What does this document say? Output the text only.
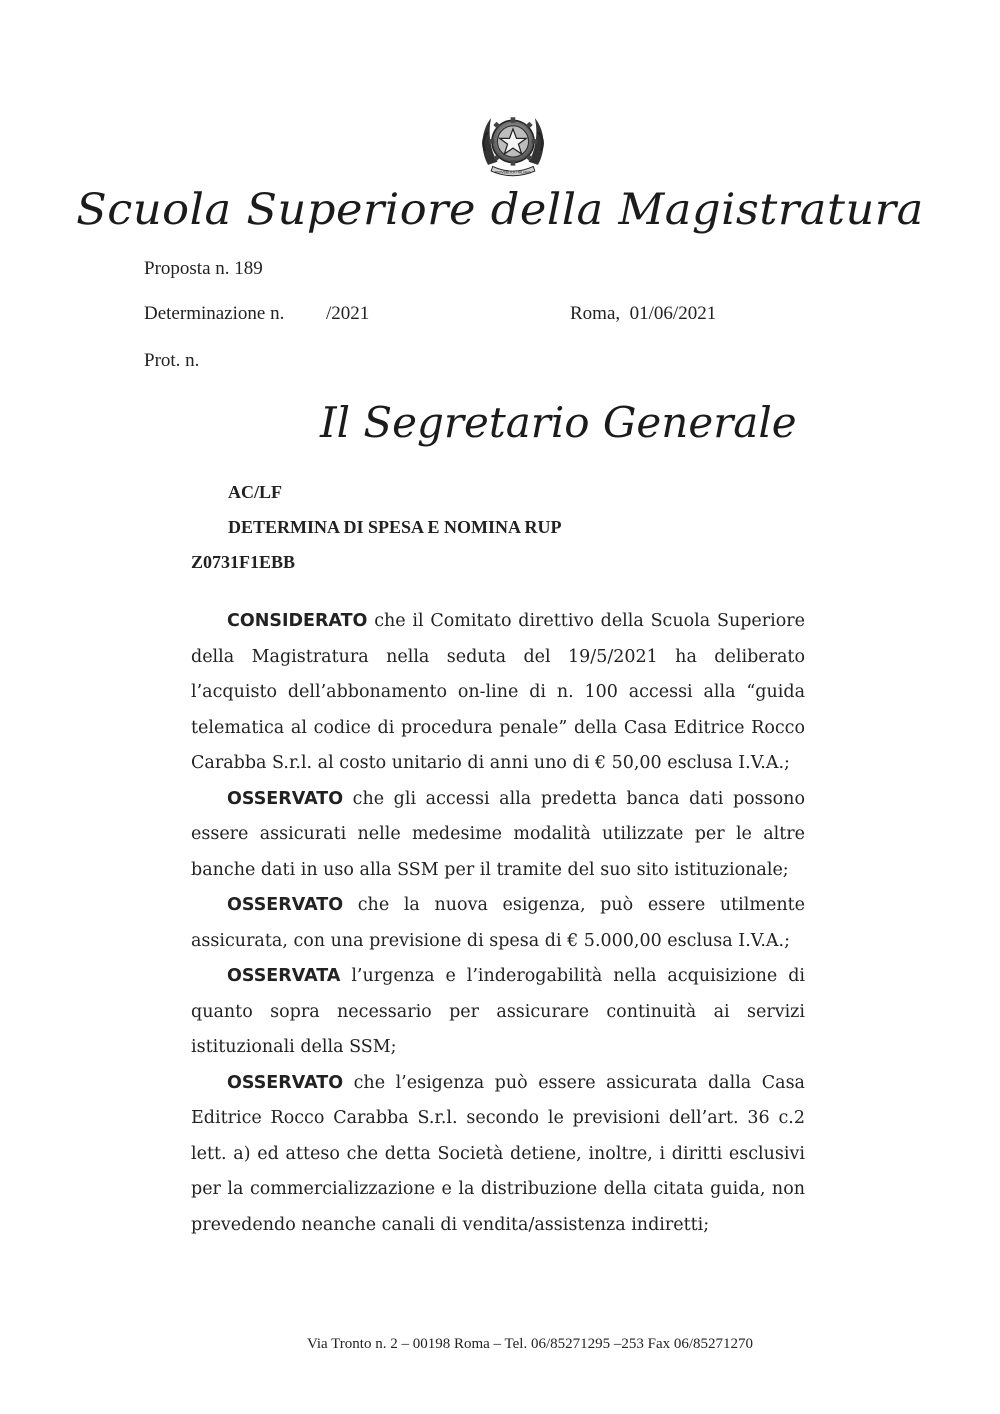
REPVBBLICA ITALIANA
Scuola Superiore della Magistratura
Proposta n. 189
Determinazione n. /2021	Roma,  01/06/2021
Prot. n.
Il Segretario Generale
AC/LF
DETERMINA DI SPESA E NOMINA RUP
Z0731F1EBB

CONSIDERATO che il Comitato direttivo della Scuola Superiore della Magistratura nella seduta del 19/5/2021 ha deliberato l’acquisto dell’abbonamento on-line di n. 100 accessi alla “guida telematica al codice di procedura penale” della Casa Editrice Rocco Carabba S.r.l. al costo unitario di anni uno di € 50,00 esclusa I.V.A.;

OSSERVATO che gli accessi alla predetta banca dati possono essere assicurati nelle medesime modalità utilizzate per le altre banche dati in uso alla SSM per il tramite del suo sito istituzionale;

OSSERVATO che la nuova esigenza, può essere utilmente assicurata, con una previsione di spesa di € 5.000,00 esclusa I.V.A.;

OSSERVATA l’urgenza e l’inderogabilità nella acquisizione di quanto sopra necessario per assicurare continuità ai servizi istituzionali della SSM;

OSSERVATO che l’esigenza può essere assicurata dalla Casa Editrice Rocco Carabba S.r.l. secondo le previsioni dell’art. 36 c.2 lett. a) ed atteso che detta Società detiene, inoltre, i diritti esclusivi per la commercializzazione e la distribuzione della citata guida, non prevedendo neanche canali di vendita/assistenza indiretti;

Via Tronto n. 2 – 00198 Roma – Tel. 06/85271295 –253 Fax 06/85271270
